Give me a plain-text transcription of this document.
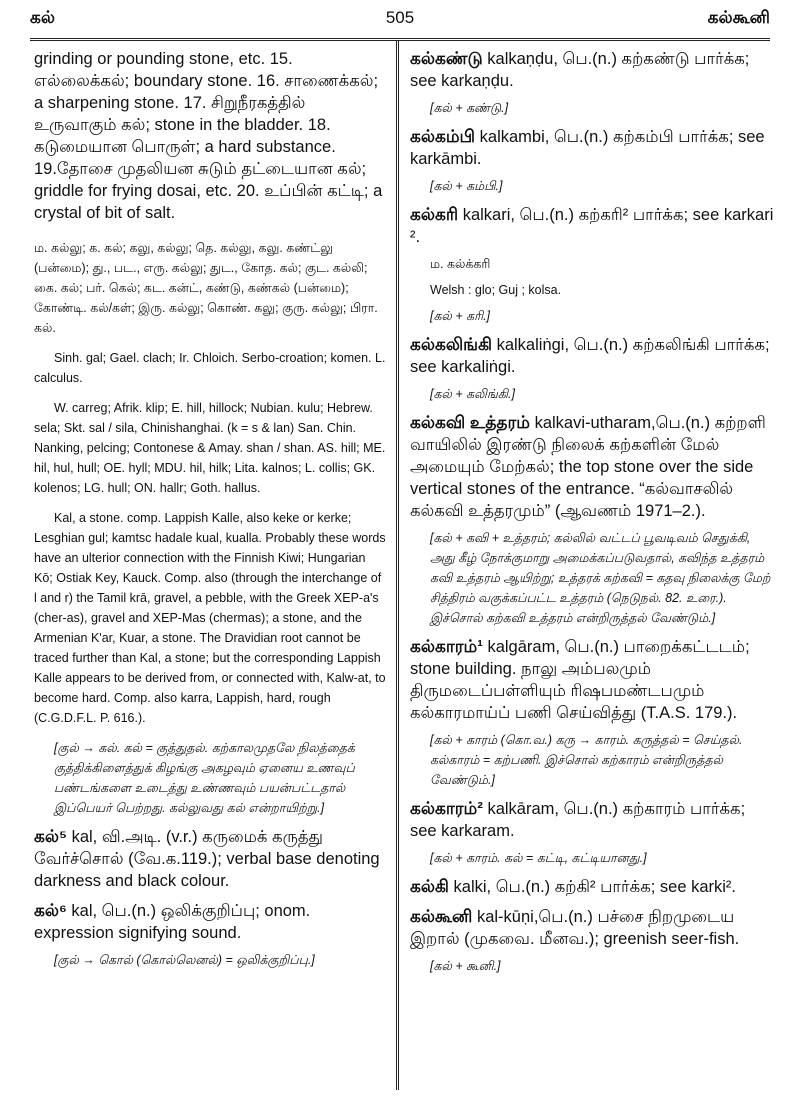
கல்	505	கல்கூனி

grinding or pounding stone, etc. 15. எல்லைக்கல்; boundary stone. 16. சாணைக்கல்; a sharpening stone. 17. சிறுநீரகத்தில் உருவாகும் கல்; stone in the bladder. 18. கடுமையான பொருள்; a hard substance. 19.தோசை முதலியன சுடும் தட்டையான கல்; griddle for frying dosai, etc. 20. உப்பின் கட்டி; a crystal of bit of salt.

ம. கல்லு; க. கல்; கலு, கல்லு; தெ. கல்லு, கலு. கண்ட்லு (பன்மை); து., பட., எரு. கல்லு; துட., கோத. கல்; குட. கல்லி; கை. கல்; பர். கெல்; கட. கன்ட், கண்டு, கண்கல் (பன்மை); கோண்டி. கல்/கள்; இரு. கல்லு; கொண். கலு; குரு. கல்லு; பிரா. கல்.

Sinh. gal; Gael. clach; Ir. Chloich. Serbo-croation; komen. L. calculus.

W. carreg; Afrik. klip; E. hill, hillock; Nubian. kulu; Hebrew. sela; Skt. sal / sila, Chinishanghai. (k = s & lan) San. Chin. Nanking, pelcing; Contonese & Amay. shan / shan. AS. hill; ME. hil, hul, hull; OE. hyll; MDU. hil, hilk; Lita. kalnos; L. collis; GK. kolenos; LG. hull; ON. hallr; Goth. hallus.

Kal, a stone. comp. Lappish Kalle, also keke or kerke; Lesghian gul; kamtsc hadale kual, kualla. Probably these words have an ulterior connection with the Finnish Kiwi; Hungarian Kō; Ostiak Key, Kauck. Comp. also (through the interchange of l and r) the Tamil krā, gravel, a pebble, with the Greek XEP-a's (cher-as), gravel and XEP-Mas (chermas); a stone, and the Armenian K'ar, Kuar, a stone. The Dravidian root cannot be traced further than Kal, a stone; but the corresponding Lappish Kalle appears to be derived from, or connected with, Kalw-at, to become hard. Comp. also karra, Lappish, hard, rough (C.G.D.F.L. P. 616.).

[குல் → கல். கல் = குத்துதல். கற்காலமுதலே நிலத்தைக் குத்திக்கிளைத்துக் கிழங்கு அகழவும் ஏனைய உணவுப் பண்டங்களை உடைத்து உண்ணவும் பயன்பட்டதால் இப்பெயர் பெற்றது. கல்லுவது கல் என்றாயிற்று.]

கல்⁵ kal, வி.அடி. (v.r.) கருமைக் கருத்து வேர்ச்சொல் (வே.க.119.); verbal base denoting darkness and black colour.

கல்⁶ kal, பெ.(n.) ஒலிக்குறிப்பு; onom. expression signifying sound.

[குல் → கொல் (கொல்லெனல்) = ஒலிக்குறிப்பு.]

கல்கண்டு kalkaṇḍu, பெ.(n.) கற்கண்டு பார்க்க; see karkaṇḍu.

[கல் + கண்டு.]

கல்கம்பி kalkambi, பெ.(n.) கற்கம்பி பார்க்க; see karkāmbi.

[கல் + கம்பி.]

கல்கரி kalkari, பெ.(n.) கற்கரி² பார்க்க; see karkari ².

ம. கல்க்கரி

Welsh : glo; Guj ; kolsa.

[கல் + கரி.]

கல்கலிங்கி kalkaliṅgi, பெ.(n.) கற்கலிங்கி பார்க்க; see karkaliṅgi.

[கல் + கலிங்கி.]

கல்கவி உத்தரம் kalkavi-utharam,பெ.(n.) கற்றளி வாயிலில் இரண்டு நிலைக் கற்களின் மேல் அமையும் மேற்கல்; the top stone over the side vertical stones of the entrance. “கல்வாசலில் கல்கவி உத்தரமும்” (ஆவணம் 1971–2.).

[கல் + கவி + உத்தரம்; கல்லில் வட்டப் பூவடிவம் செதுக்கி, அது கீழ் நோக்குமாறு அமைக்கப்படுவதால், கவிந்த உத்தரம் கவி உத்தரம் ஆயிற்று; உத்தரக் கற்கவி = கதவு நிலைக்கு மேற் சித்திரம் வகுக்கப்பட்ட உத்தரம் (நெடுநல். 82. உரை.). இச்சொல் கற்கவி உத்தரம் என்றிருத்தல் வேண்டும்.]

கல்காரம்¹ kalgāram, பெ.(n.) பாறைக்கட்டடம்; stone building. நாலு அம்பலமும் திருமடைப்பள்ளியும் ரிஷபமண்டபமும் கல்காரமாய்ப் பணி செய்வித்து (T.A.S. 179.).

[கல் + காரம் (கொ.வ.) கரு → காரம். கருத்தல் = செய்தல். கல்காரம் = கற்பணி. இச்சொல் கற்காரம் என்றிருத்தல் வேண்டும்.]

கல்காரம்² kalkāram, பெ.(n.) கற்காரம் பார்க்க; see karkaram.

[கல் + காரம். கல் = கட்டி, கட்டியானது.]

கல்கி kalki, பெ.(n.) கற்கி² பார்க்க; see karki².

கல்கூனி kal-kūṇi,பெ.(n.) பச்சை நிறமுடைய இறால் (முகவை. மீனவ.); greenish seer-fish.

[கல் + கூனி.]
